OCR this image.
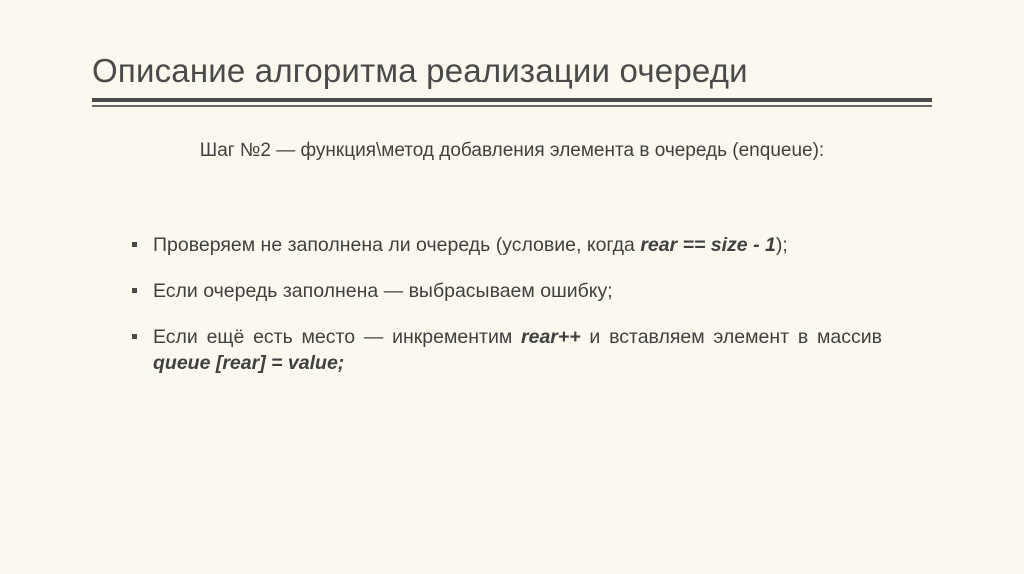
Описание алгоритма реализации очереди
Шаг №2 — функция\метод добавления элемента в очередь (enqueue):
Проверяем не заполнена ли очередь (условие, когда rear == size - 1);
Если очередь заполнена — выбрасываем ошибку;
Если ещё есть место — инкрементим rear++ и вставляем элемент в массив queue [rear] = value;
